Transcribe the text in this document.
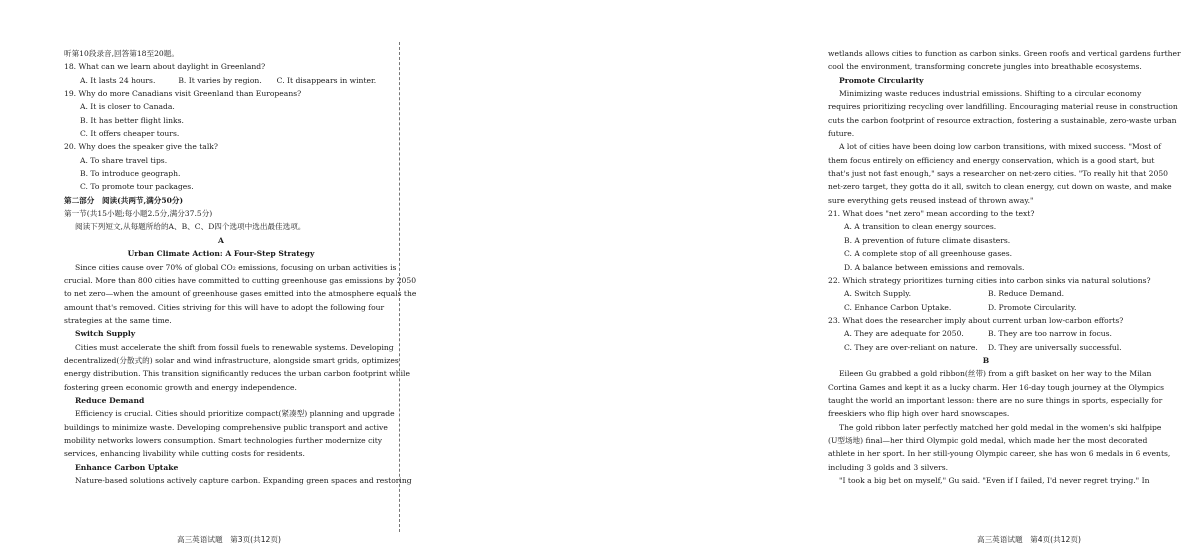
听第10段录音,回答第18至20题。
18. What can we learn about daylight in Greenland?
A. It lasts 24 hours.	B. It varies by region.	C. It disappears in winter.
19. Why do more Canadians visit Greenland than Europeans?
A. It is closer to Canada.
B. It has better flight links.
C. It offers cheaper tours.
20. Why does the speaker give the talk?
A. To share travel tips.
B. To introduce geograph.
C. To promote tour packages.
第二部分　阅读(共两节,满分50分)
第一节(共15小题;每小题2.5分,满分37.5分)
阅读下列短文,从每题所给的A、B、C、D四个选项中选出最佳选项。
A
Urban Climate Action: A Four-Step Strategy
Since cities cause over 70% of global CO₂ emissions, focusing on urban activities is
crucial. More than 800 cities have committed to cutting greenhouse gas emissions by 2050
to net zero—when the amount of greenhouse gases emitted into the atmosphere equals the
amount that's removed. Cities striving for this will have to adopt the following four
strategies at the same time.
Switch Supply
Cities must accelerate the shift from fossil fuels to renewable systems. Developing
decentralized(分散式的) solar and wind infrastructure, alongside smart grids, optimizes
energy distribution. This transition significantly reduces the urban carbon footprint while
fostering green economic growth and energy independence.
Reduce Demand
Efficiency is crucial. Cities should prioritize compact(紧凑型) planning and upgrade
buildings to minimize waste. Developing comprehensive public transport and active
mobility networks lowers consumption. Smart technologies further modernize city
services, enhancing livability while cutting costs for residents.
Enhance Carbon Uptake
Nature-based solutions actively capture carbon. Expanding green spaces and restoring
高三英语试题　第3页(共12页)
wetlands allows cities to function as carbon sinks. Green roofs and vertical gardens further
cool the environment, transforming concrete jungles into breathable ecosystems.
Promote Circularity
Minimizing waste reduces industrial emissions. Shifting to a circular economy
requires prioritizing recycling over landfilling. Encouraging material reuse in construction
cuts the carbon footprint of resource extraction, fostering a sustainable, zero-waste urban
future.
A lot of cities have been doing low carbon transitions, with mixed success. "Most of
them focus entirely on efficiency and energy conservation, which is a good start, but
that's just not fast enough," says a researcher on net-zero cities. "To really hit that 2050
net-zero target, they gotta do it all, switch to clean energy, cut down on waste, and make
sure everything gets reused instead of thrown away."
21. What does "net zero" mean according to the text?
A. A transition to clean energy sources.
B. A prevention of future climate disasters.
C. A complete stop of all greenhouse gases.
D. A balance between emissions and removals.
22. Which strategy prioritizes turning cities into carbon sinks via natural solutions?
A. Switch Supply.	B. Reduce Demand.
C. Enhance Carbon Uptake.	D. Promote Circularity.
23. What does the researcher imply about current urban low-carbon efforts?
A. They are adequate for 2050.	B. They are too narrow in focus.
C. They are over-reliant on nature.	D. They are universally successful.
B
Eileen Gu grabbed a gold ribbon(丝带) from a gift basket on her way to the Milan
Cortina Games and kept it as a lucky charm. Her 16-day tough journey at the Olympics
taught the world an important lesson: there are no sure things in sports, especially for
freeskiers who flip high over hard snowscapes.
The gold ribbon later perfectly matched her gold medal in the women's ski halfpipe
(U型场地) final—her third Olympic gold medal, which made her the most decorated
athlete in her sport. In her still-young Olympic career, she has won 6 medals in 6 events,
including 3 golds and 3 silvers.
"I took a big bet on myself," Gu said. "Even if I failed, I'd never regret trying." In
高三英语试题　第4页(共12页)
